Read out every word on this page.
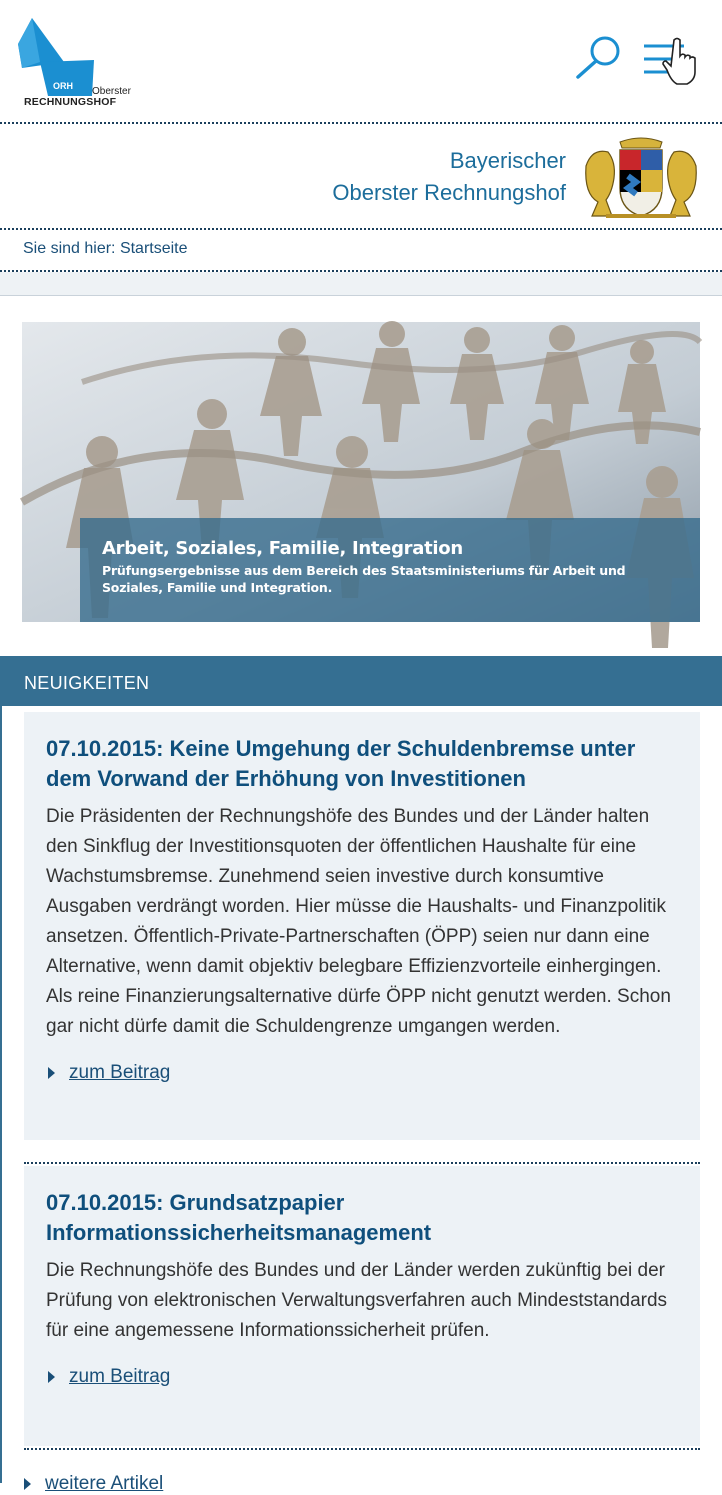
ORH Oberster
RECHNUNGSHOF
Bayerischer
Oberster Rechnungshof
Sie sind hier: Startseite
Arbeit, Soziales, Familie, Integration
Prüfungsergebnisse aus dem Bereich des Staatsministeriums für Arbeit und Soziales, Familie und Integration.
NEUIGKEITEN
07.10.2015: Keine Umgehung der Schuldenbremse unter dem Vorwand der Erhöhung von Investitionen
Die Präsidenten der Rechnungshöfe des Bundes und der Länder halten den Sinkflug der Investitionsquoten der öffentlichen Haushalte für eine Wachstumsbremse. Zunehmend seien investive durch konsumtive Ausgaben verdrängt worden. Hier müsse die Haushalts- und Finanzpolitik ansetzen. Öffentlich-Private-Partnerschaften (ÖPP) seien nur dann eine Alternative, wenn damit objektiv belegbare Effizienzvorteile einhergingen. Als reine Finanzierungsalternative dürfe ÖPP nicht genutzt werden. Schon gar nicht dürfe damit die Schuldengrenze umgangen werden.
zum Beitrag
07.10.2015: Grundsatzpapier Informationssicherheitsmanagement
Die Rechnungshöfe des Bundes und der Länder werden zukünftig bei der Prüfung von elektronischen Verwaltungsverfahren auch Mindeststandards für eine angemessene Informationssicherheit prüfen.
zum Beitrag
weitere Artikel
